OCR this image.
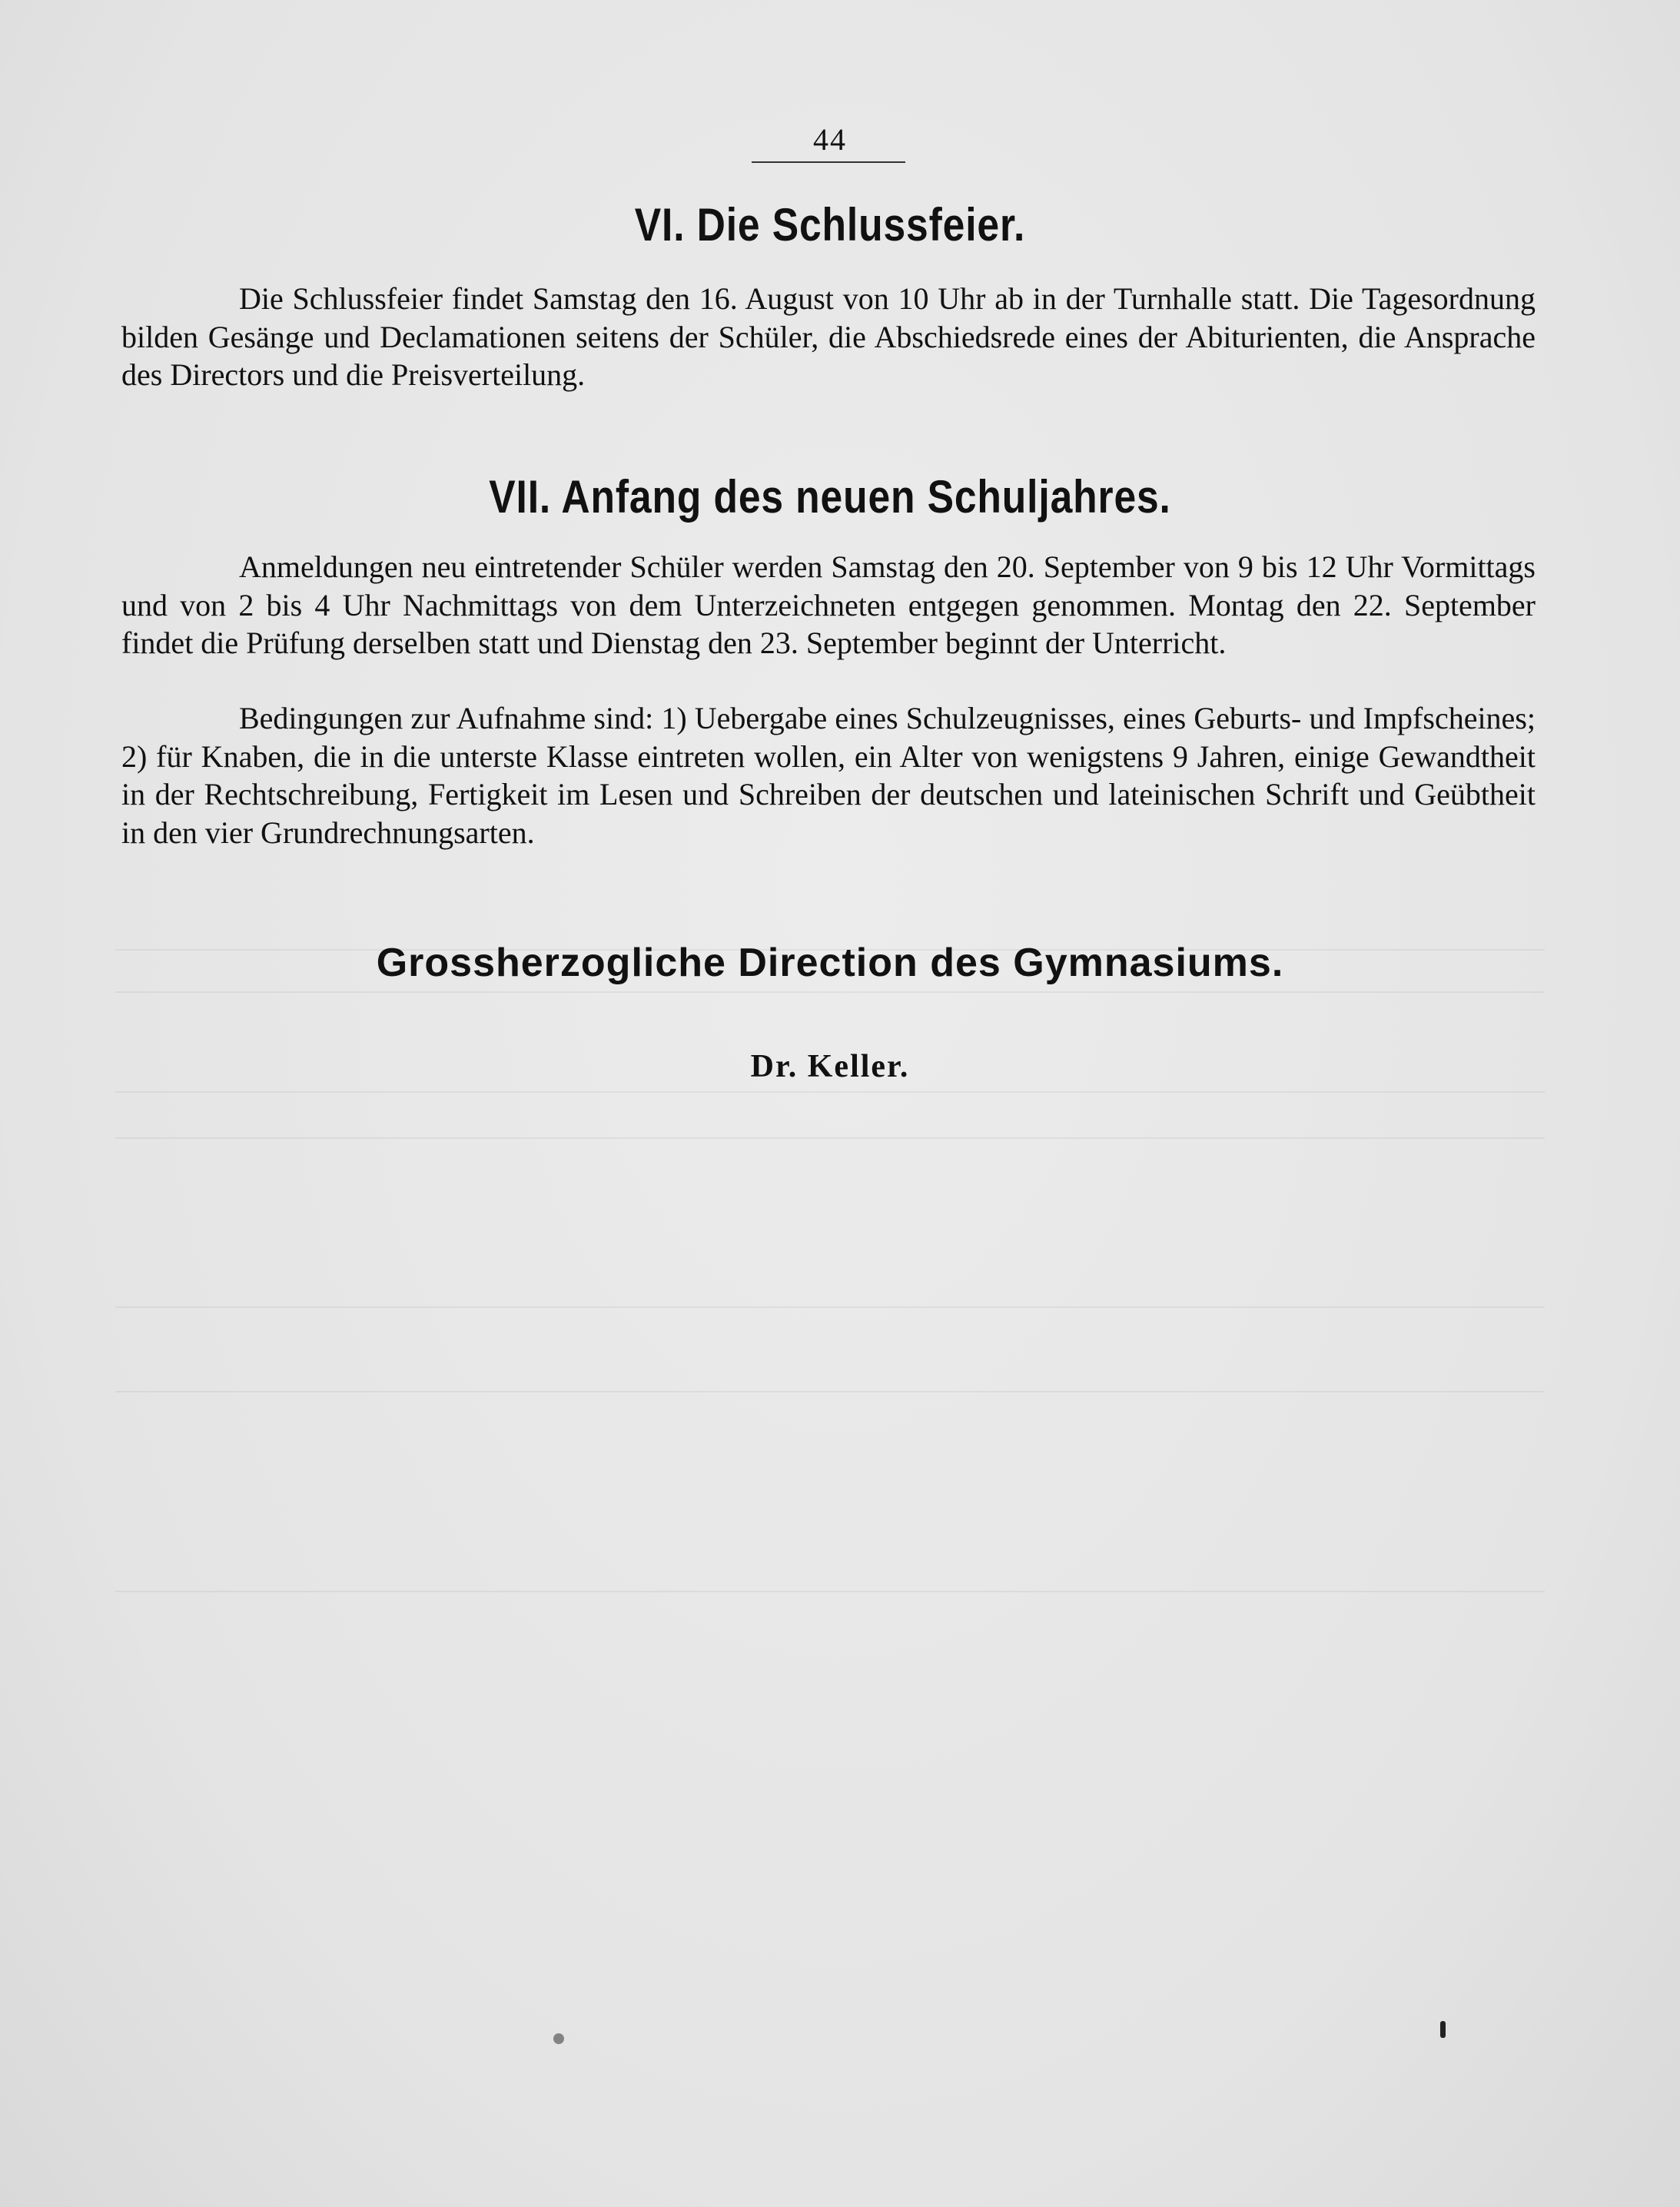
44
VI. Die Schlussfeier.

Die Schlussfeier findet Samstag den 16. August von 10 Uhr ab in der Turnhalle statt. Die Tagesordnung bilden Gesänge und Declamationen seitens der Schüler, die Abschiedsrede eines der Abiturienten, die Ansprache des Directors und die Preisverteilung.

VII. Anfang des neuen Schuljahres.

Anmeldungen neu eintretender Schüler werden Samstag den 20. September von 9 bis 12 Uhr Vormittags und von 2 bis 4 Uhr Nachmittags von dem Unterzeichneten entgegen genommen. Montag den 22. September findet die Prüfung derselben statt und Dienstag den 23. September beginnt der Unterricht.

Bedingungen zur Aufnahme sind: 1) Uebergabe eines Schulzeugnisses, eines Geburts- und Impfscheines; 2) für Knaben, die in die unterste Klasse eintreten wollen, ein Alter von wenigstens 9 Jahren, einige Gewandtheit in der Rechtschreibung, Fertigkeit im Lesen und Schreiben der deutschen und lateinischen Schrift und Geübtheit in den vier Grundrechnungsarten.

Grossherzogliche Direction des Gymnasiums.
Dr. Keller.
